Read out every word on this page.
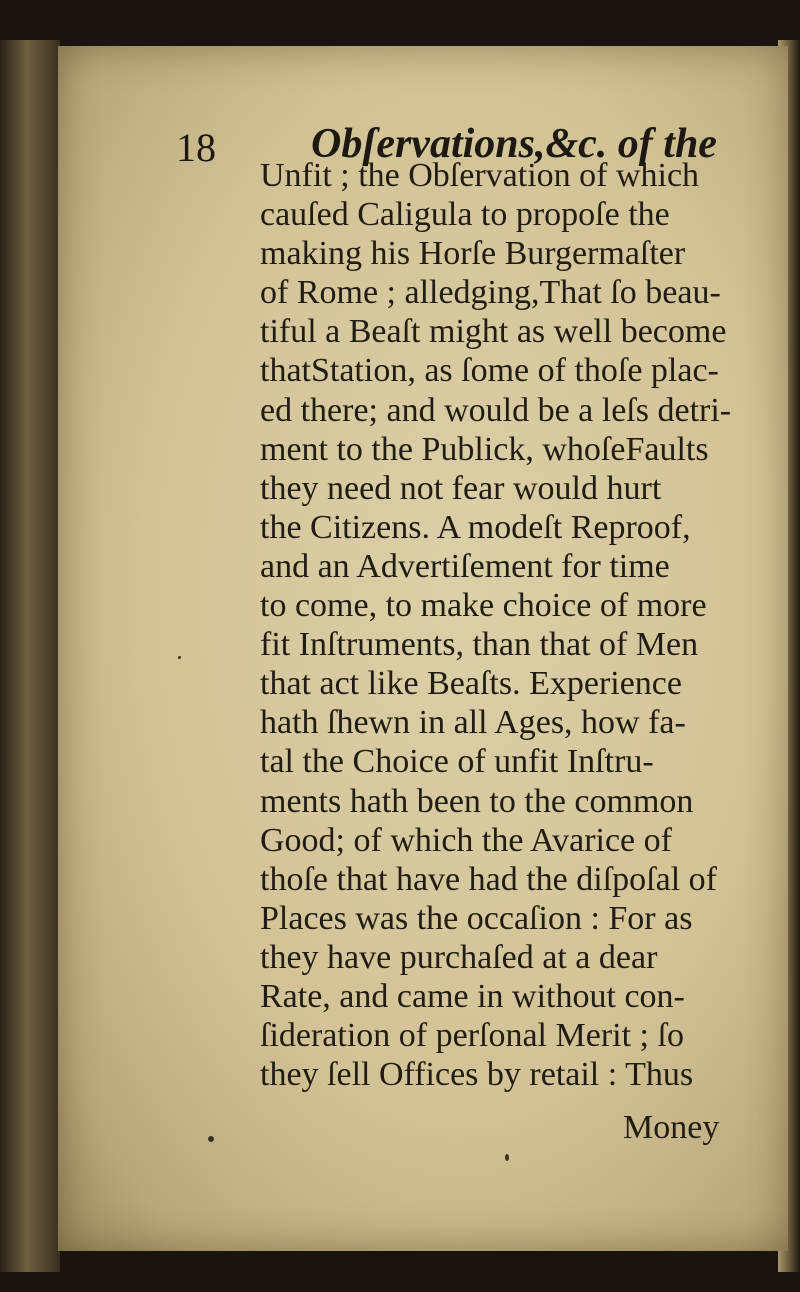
18 Obſervations,&c. of the
Unfit ; the Obſervation of which
cauſed Caligula to propoſe the
making his Horſe Burgermaſter
of Rome ; alledging,That ſo beau-
tiful a Beaſt might as well become
thatStation, as ſome of thoſe plac-
ed there; and would be a leſs detri-
ment to the Publick, whoſeFaults
they need not fear would hurt
the Citizens. A modeſt Reproof,
and an Advertiſement for time
to come, to make choice of more
fit Inſtruments, than that of Men
that act like Beaſts. Experience
hath ſhewn in all Ages, how fa-
tal the Choice of unfit Inſtru-
ments hath been to the common
Good; of which the Avarice of
thoſe that have had the diſpoſal of
Places was the occaſion : For as
they have purchaſed at a dear
Rate, and came in without con-
ſideration of perſonal Merit ; ſo
they ſell Offices by retail : Thus
Money
